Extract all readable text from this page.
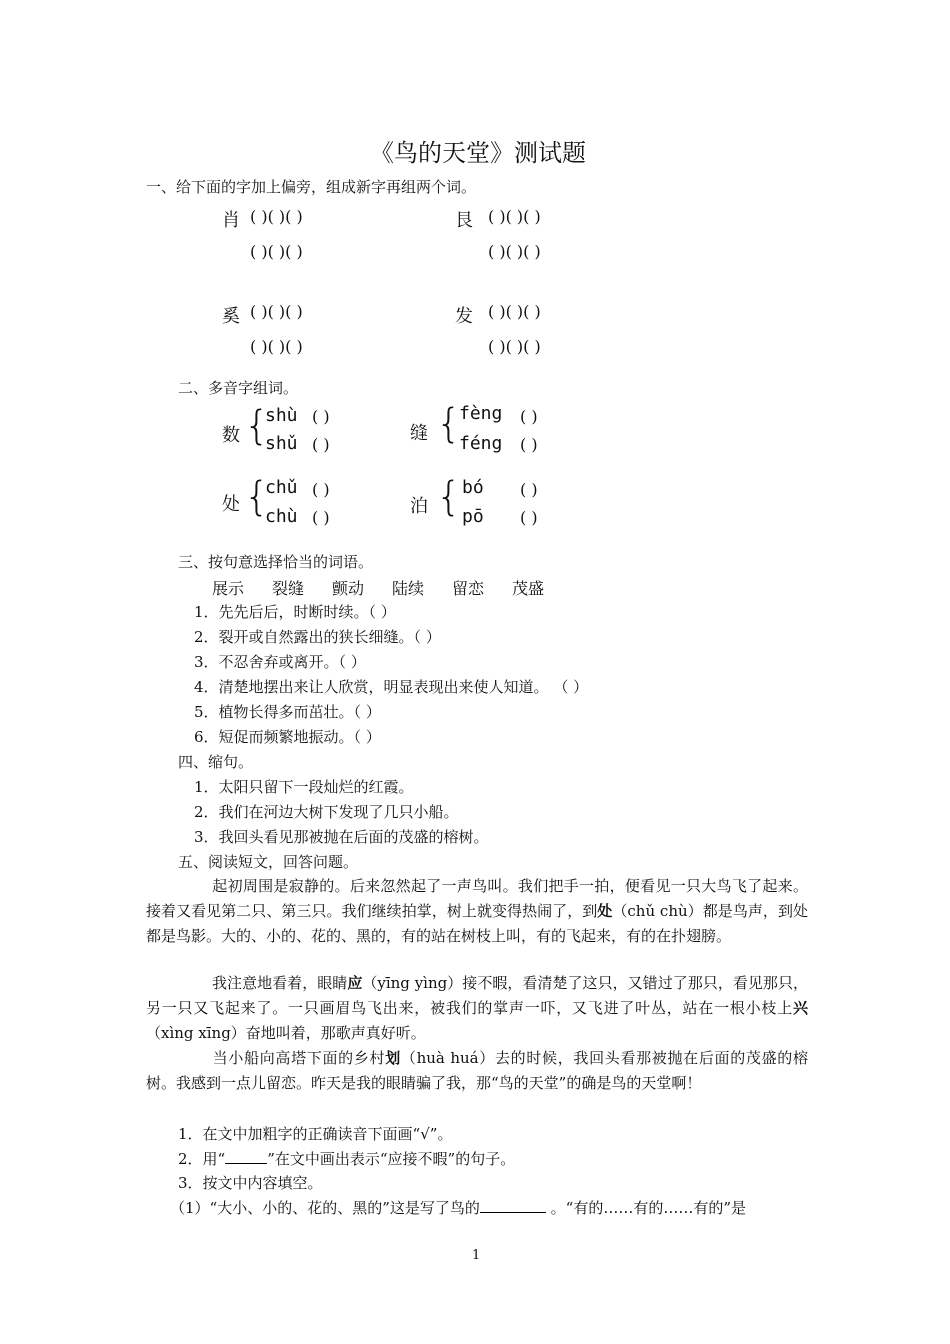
《鸟的天堂》测试题
一、给下面的字加上偏旁，组成新字再组两个词。
肖 ( )( )( )
( )( )( )
艮 ( )( )( )
( )( )( )
奚 ( )( )( )
( )( )( )
发 ( )( )( )
( )( )( )
二、多音字组词。
数 {
shù
shǔ
( )
( )
缝 {
fèng
féng
( )
( )
处 {
chǔ
chù
( )
( )
泊 { bó
pō
( )
( )
三、按句意选择恰当的词语。
展示 裂缝 颤动 陆续 留恋 茂盛
1．先先后后，时断时续。（ ）
2．裂开或自然露出的狭长细缝。（ ）
3．不忍舍弃或离开。（ ）
4．清楚地摆出来让人欣赏，明显表现出来使人知道。 （ ）
5．植物长得多而茁壮。（ ）
6．短促而频繁地振动。（ ）
四、缩句。
1．太阳只留下一段灿烂的红霞。
2．我们在河边大树下发现了几只小船。
3．我回头看见那被抛在后面的茂盛的榕树。
五、阅读短文，回答问题。
起初周围是寂静的。后来忽然起了一声鸟叫。我们把手一拍，便看见一只大鸟飞了起来。接着又看见第二只、第三只。我们继续拍掌，树上就变得热闹了，到处（chǔ chù）都是鸟声，到处都是鸟影。大的、小的、花的、黑的，有的站在树枝上叫，有的飞起来，有的在扑翅膀。
我注意地看着，眼睛应（yīng yìng）接不暇，看清楚了这只，又错过了那只，看见那只，另一只又飞起来了。一只画眉鸟飞出来，被我们的掌声一吓，又飞进了叶丛，站在一根小枝上兴（xìng xīng）奋地叫着，那歌声真好听。
当小船向高塔下面的乡村划（huà huá）去的时候，我回头看那被抛在后面的茂盛的榕树。我感到一点儿留恋。昨天是我的眼睛骗了我，那“鸟的天堂”的确是鸟的天堂啊！
1．在文中加粗字的正确读音下面画“√”。
2．用“	”在文中画出表示“应接不暇”的句子。
3．按文中内容填空。
（1）“大小、小的、花的、黑的”这是写了鸟的	。“有的……有的……有的”是
1
